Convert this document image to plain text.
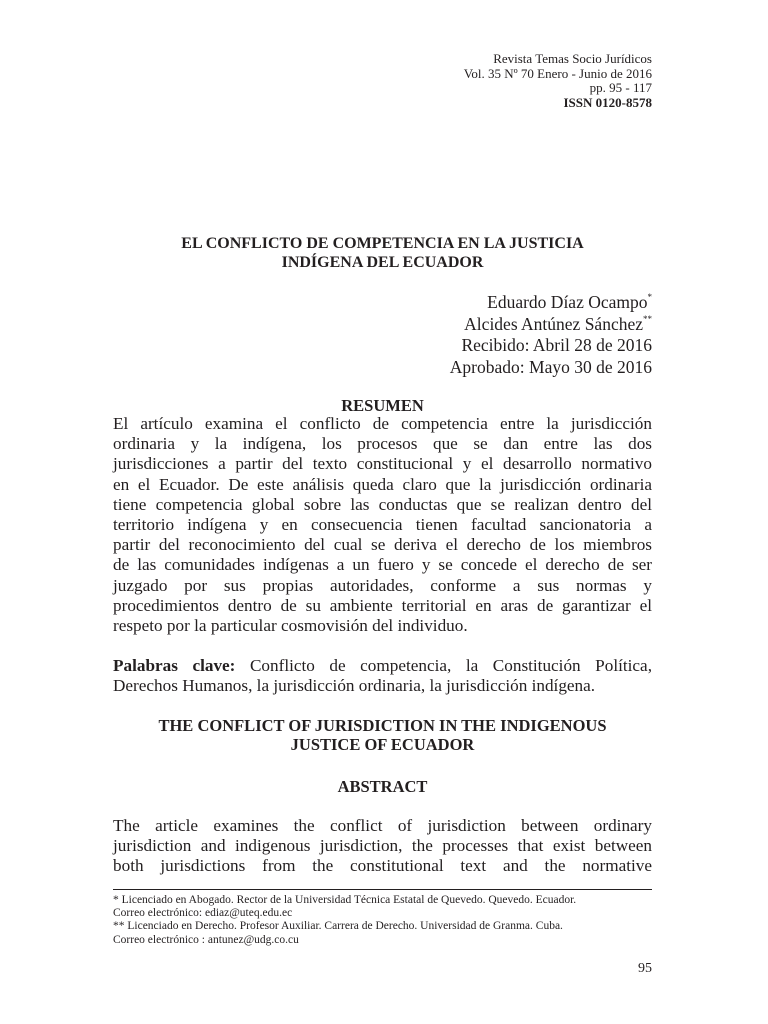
Revista Temas Socio Jurídicos
Vol. 35 Nº 70 Enero - Junio de 2016
pp. 95 - 117
ISSN 0120-8578
EL CONFLICTO DE COMPETENCIA EN LA JUSTICIA
INDÍGENA DEL ECUADOR
Eduardo Díaz Ocampo*
Alcides Antúnez Sánchez**
Recibido: Abril 28 de 2016
Aprobado: Mayo 30 de 2016
RESUMEN
El artículo examina el conflicto de competencia entre la jurisdicción
ordinaria y la indígena, los procesos que se dan entre las dos
jurisdicciones a partir del texto constitucional y el desarrollo normativo
en el Ecuador. De este análisis queda claro que la jurisdicción ordinaria
tiene competencia global sobre las conductas que se realizan dentro del
territorio indígena y en consecuencia tienen facultad sancionatoria a
partir del reconocimiento del cual se deriva el derecho de los miembros
de las comunidades indígenas a un fuero y se concede el derecho de ser
juzgado por sus propias autoridades, conforme a sus normas y
procedimientos dentro de su ambiente territorial en aras de garantizar el
respeto por la particular cosmovisión del individuo.
Palabras clave: Conflicto de competencia, la Constitución Política,
Derechos Humanos, la jurisdicción ordinaria, la jurisdicción indígena.
THE CONFLICT OF JURISDICTION IN THE INDIGENOUS
JUSTICE OF ECUADOR
ABSTRACT
The article examines the conflict of jurisdiction between ordinary
jurisdiction and indigenous jurisdiction, the processes that exist between
both jurisdictions from the constitutional text and the normative
* Licenciado en Abogado. Rector de la Universidad Técnica Estatal de Quevedo. Quevedo. Ecuador.
Correo electrónico: ediaz@uteq.edu.ec
** Licenciado en Derecho. Profesor Auxiliar. Carrera de Derecho. Universidad de Granma. Cuba.
Correo electrónico : antunez@udg.co.cu
95
